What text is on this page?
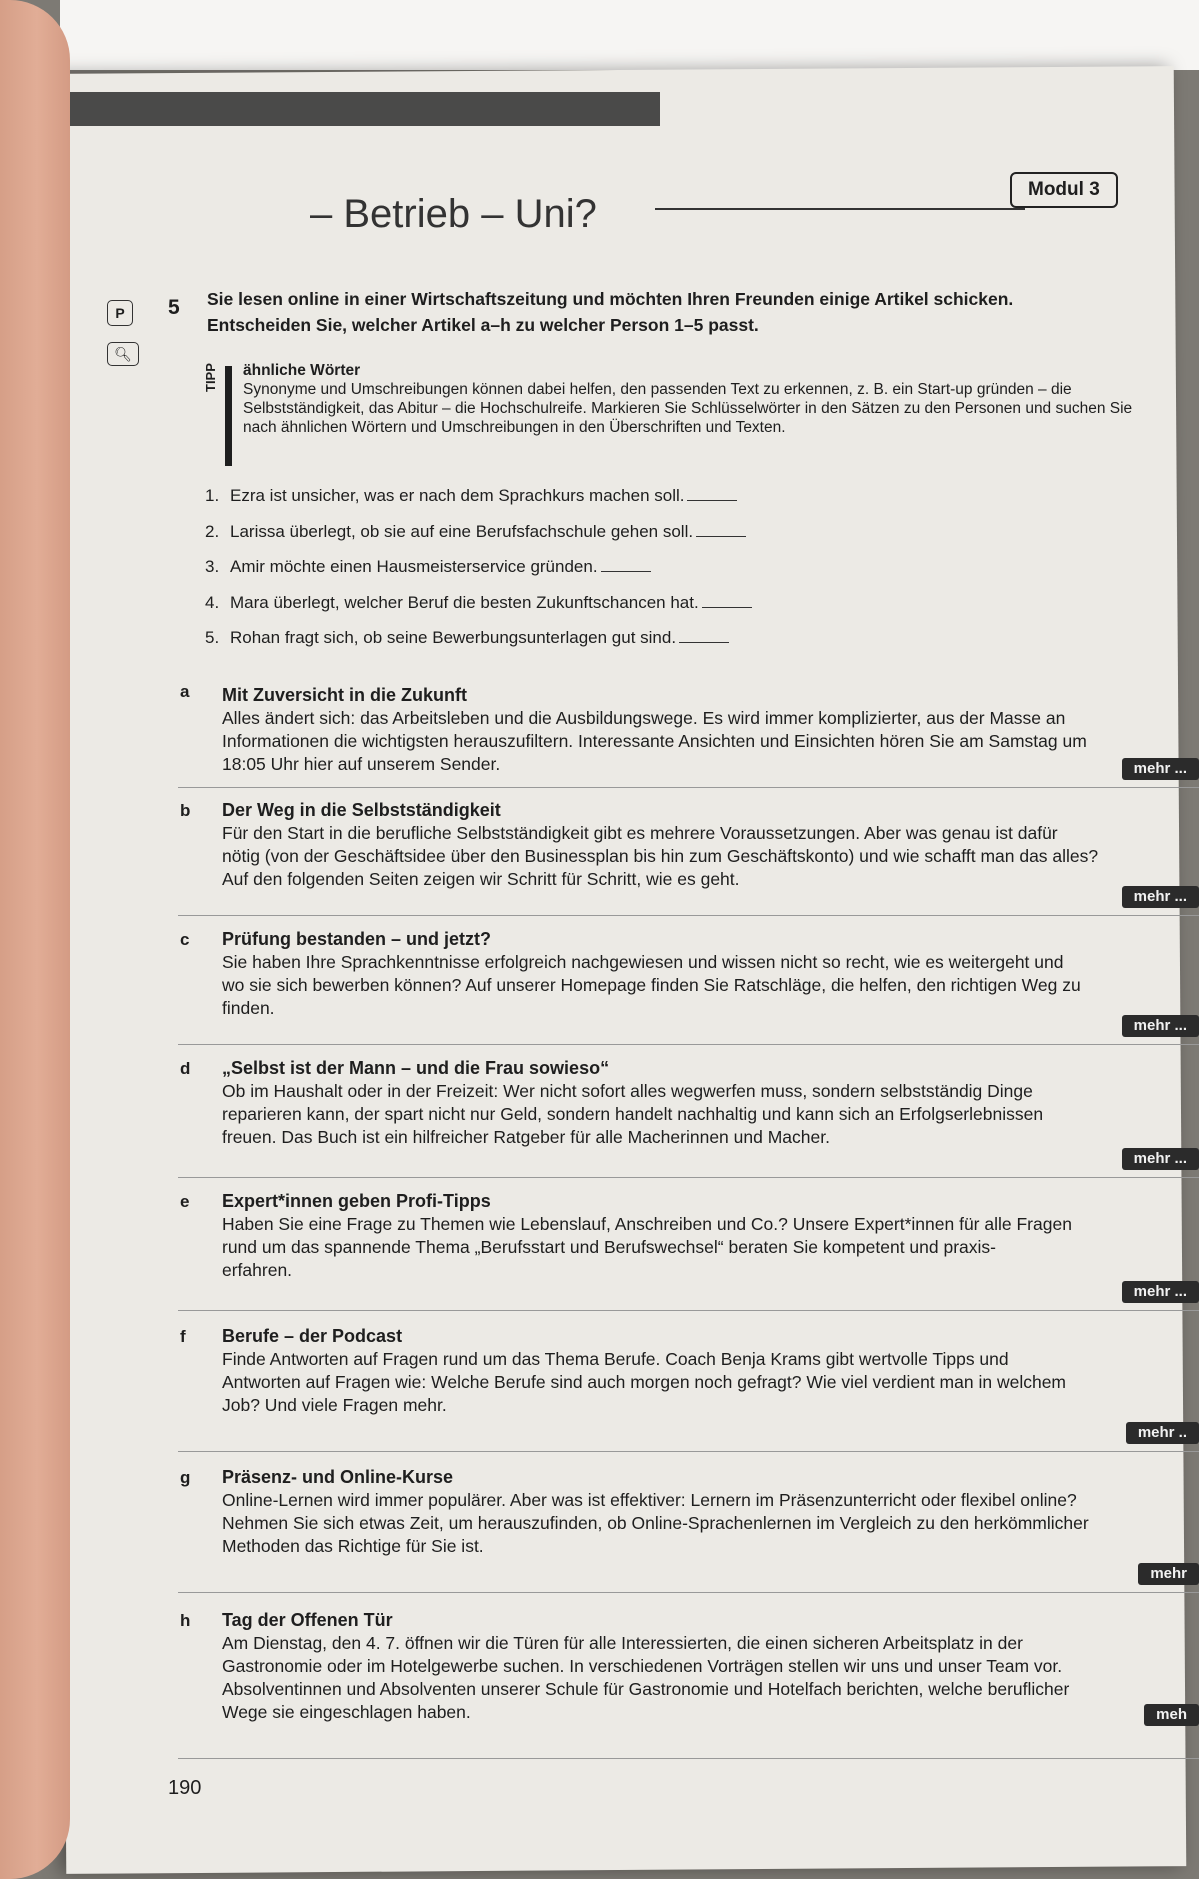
– Betrieb – Uni?
Modul 3
P
🔍︎
5 Sie lesen online in einer Wirtschaftszeitung und möchten Ihren Freunden einige Artikel schicken. Entscheiden Sie, welcher Artikel a–h zu welcher Person 1–5 passt.
TIPP ähnliche Wörter
Synonyme und Umschreibungen können dabei helfen, den passenden Text zu erkennen, z. B. ein Start-up gründen – die Selbstständigkeit, das Abitur – die Hochschulreife. Markieren Sie Schlüsselwörter in den Sätzen zu den Personen und suchen Sie nach ähnlichen Wörtern und Umschreibungen in den Überschriften und Texten.
1. Ezra ist unsicher, was er nach dem Sprachkurs machen soll.
2. Larissa überlegt, ob sie auf eine Berufsfachschule gehen soll.
3. Amir möchte einen Hausmeisterservice gründen.
4. Mara überlegt, welcher Beruf die besten Zukunftschancen hat.
5. Rohan fragt sich, ob seine Bewerbungsunterlagen gut sind.
a Mit Zuversicht in die Zukunft
Alles ändert sich: das Arbeitsleben und die Ausbildungswege. Es wird immer komplizierter, aus der Masse an
Informationen die wichtigsten herauszufiltern. Interessante Ansichten und Einsichten hören Sie am Samstag um
18:05 Uhr hier auf unserem Sender.	mehr ...
b Der Weg in die Selbstständigkeit
Für den Start in die berufliche Selbstständigkeit gibt es mehrere Voraussetzungen. Aber was genau ist dafür
nötig (von der Geschäftsidee über den Businessplan bis hin zum Geschäftskonto) und wie schafft man das alles?
Auf den folgenden Seiten zeigen wir Schritt für Schritt, wie es geht.
mehr ...
c Prüfung bestanden – und jetzt?
Sie haben Ihre Sprachkenntnisse erfolgreich nachgewiesen und wissen nicht so recht, wie es weitergeht und
wo sie sich bewerben können? Auf unserer Homepage finden Sie Ratschläge, die helfen, den richtigen Weg zu
finden.
mehr ...
d „Selbst ist der Mann – und die Frau sowieso“
Ob im Haushalt oder in der Freizeit: Wer nicht sofort alles wegwerfen muss, sondern selbstständig Dinge
reparieren kann, der spart nicht nur Geld, sondern handelt nachhaltig und kann sich an Erfolgserlebnissen
freuen. Das Buch ist ein hilfreicher Ratgeber für alle Macherinnen und Macher.
mehr ...
e Expert*innen geben Profi-Tipps
Haben Sie eine Frage zu Themen wie Lebenslauf, Anschreiben und Co.? Unsere Expert*innen für alle Fragen
rund um das spannende Thema „Berufsstart und Berufswechsel“ beraten Sie kompetent und praxis-
erfahren.
mehr ...
f Berufe – der Podcast
Finde Antworten auf Fragen rund um das Thema Berufe. Coach Benja Krams gibt wertvolle Tipps und
Antworten auf Fragen wie: Welche Berufe sind auch morgen noch gefragt? Wie viel verdient man in welchem
Job? Und viele Fragen mehr.
mehr ..
g Präsenz- und Online-Kurse
Online-Lernen wird immer populärer. Aber was ist effektiver: Lernern im Präsenzunterricht oder flexibel online?
Nehmen Sie sich etwas Zeit, um herauszufinden, ob Online-Sprachenlernen im Vergleich zu den herkömmlicher
Methoden das Richtige für Sie ist.
mehr
h Tag der Offenen Tür
Am Dienstag, den 4. 7. öffnen wir die Türen für alle Interessierten, die einen sicheren Arbeitsplatz in der
Gastronomie oder im Hotelgewerbe suchen. In verschiedenen Vorträgen stellen wir uns und unser Team vor.
Absolventinnen und Absolventen unserer Schule für Gastronomie und Hotelfach berichten, welche beruflicher
Wege sie eingeschlagen haben.	meh
190
